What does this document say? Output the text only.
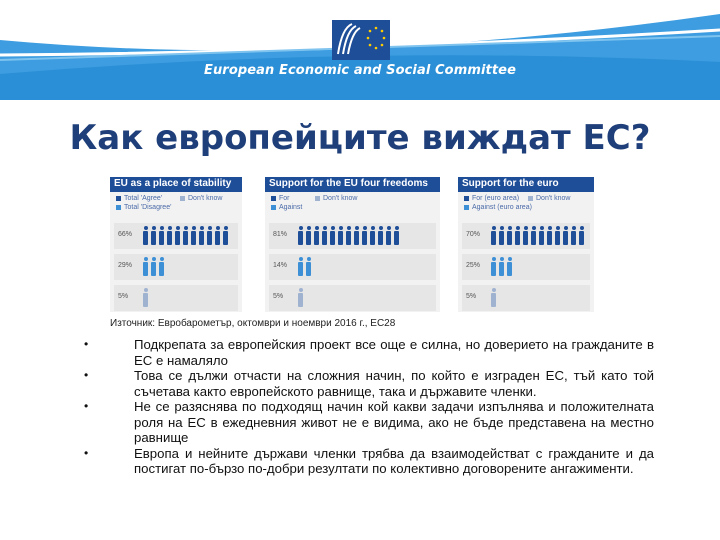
European Economic and Social Committee
Как европейците виждат ЕС?
EU as a place of stability
Total 'Agree'
Total 'Disagree'
Don't know
66%
29%
5%
Support for the EU four freedoms
For
Against
Don't know
81%
14%
5%
Support for the euro
For (euro area)
Against (euro area)
Don't know
70%
25%
5%
Източник: Евробарометър, октомври и ноември 2016 г., ЕС28
•	Подкрепата за европейския проект все още е силна, но доверието на гражданите в ЕС е намаляло
•	Това се дължи отчасти на сложния начин, по който е изграден ЕС, тъй като той съчетава както европейското равнище, така и държавите членки.
•	Не се разяснява по подходящ начин кой какви задачи изпълнява и положителната роля на ЕС в ежедневния живот не е видима, ако не бъде представена на местно равнище
•	Европа и нейните държави членки трябва да взаимодействат с гражданите и да постигат по-бързо по-добри резултати по колективно договорените ангажименти.
